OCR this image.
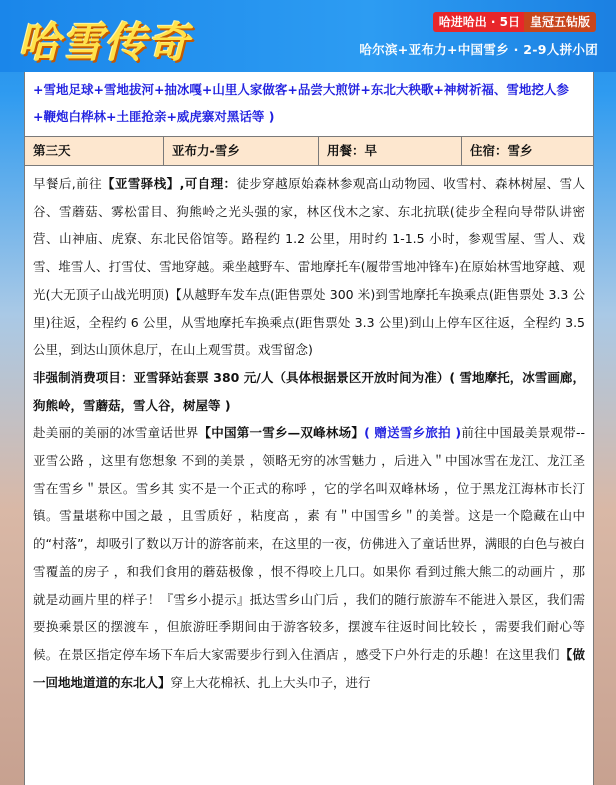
哈雪传奇	哈进哈出 · 5日 皇冠五钻版
哈尔滨+亚布力+中国雪乡 · 2-9人拼小团
+雪地足球+雪地拔河+抽冰嘎+山里人家做客+品尝大煎饼+东北大秧歌+神树祈福、雪地挖人参+鞭炮白桦林+土匪抢亲+威虎寨对黑话等 )
第三天	亚布力-雪乡	用餐：早	住宿：雪乡
早餐后,前往【亚雪驿栈】,可自理：徒步穿越原始森林参观高山动物园、收雪村、森林树屋、雪人谷、雪蘑菇、雾松雷目、狗熊岭之光头强的家，林区伐木之家、东北抗联(徒步全程向导带队讲密营、山神庙、虎寮、东北民俗馆等。路程约 1.2 公里，用时约 1-1.5 小时，参观雪屋、雪人、戏雪、堆雪人、打雪仗、雪地穿越。乘坐越野车、雷地摩托车(履带雪地冲锋车)在原始林雪地穿越、观光(大无顶子山战光明顶)【从越野车发车点(距售票处 300 米)到雪地摩托车换乘点(距售票处 3.3 公里)往返，全程约 6 公里，从雪地摩托车换乘点(距售票处 3.3 公里)到山上停车区往返，全程约 3.5 公里，到达山顶休息厅，在山上观雪贯。戏雪留念)
非强制消费项目：亚雪驿站套票 380 元/人（具体根据景区开放时间为准）( 雪地摩托，冰雪画廊，狗熊岭，雪蘑菇，雪人谷，树屋等 )
赴美丽的美丽的冰雪童话世界【中国第一雪乡—双峰林场】( 赠送雪乡旅拍 )前往中国最美景观带--亚雪公路 ，这里有您想象 不到的美景 ，领略无穷的冰雪魅力 ，后进入＂中国冰雪在龙江、龙江圣雪在雪乡＂景区。雪乡其 实不是一个正式的称呼 ，它的学名叫双峰林场 ，位于黑龙江海林市长汀镇。雪量堪称中国之最 ，且雪质好 ，粘度高 ，素 有＂中国雪乡＂的美誉。这是一个隐藏在山中的“村落”，却吸引了数以万计的游客前来，在这里的一夜，仿佛进入了童话世界，满眼的白色与被白雪覆盖的房子 ，和我们食用的蘑菇极像 ，恨不得咬上几口。如果你 看到过熊大熊二的动画片 ，那就是动画片里的样子！『雪乡小提示』抵达雪乡山门后 ，我们的随行旅游车不能进入景区，我们需要换乘景区的摆渡车 ，但旅游旺季期间由于游客较多，摆渡车往返时间比较长 ，需要我们耐心等候。在景区指定停车场下车后大家需要步行到入住酒店 ，感受下户外行走的乐趣！在这里我们【做一回地地道道的东北人】穿上大花棉袄、扎上大头巾子，进行
